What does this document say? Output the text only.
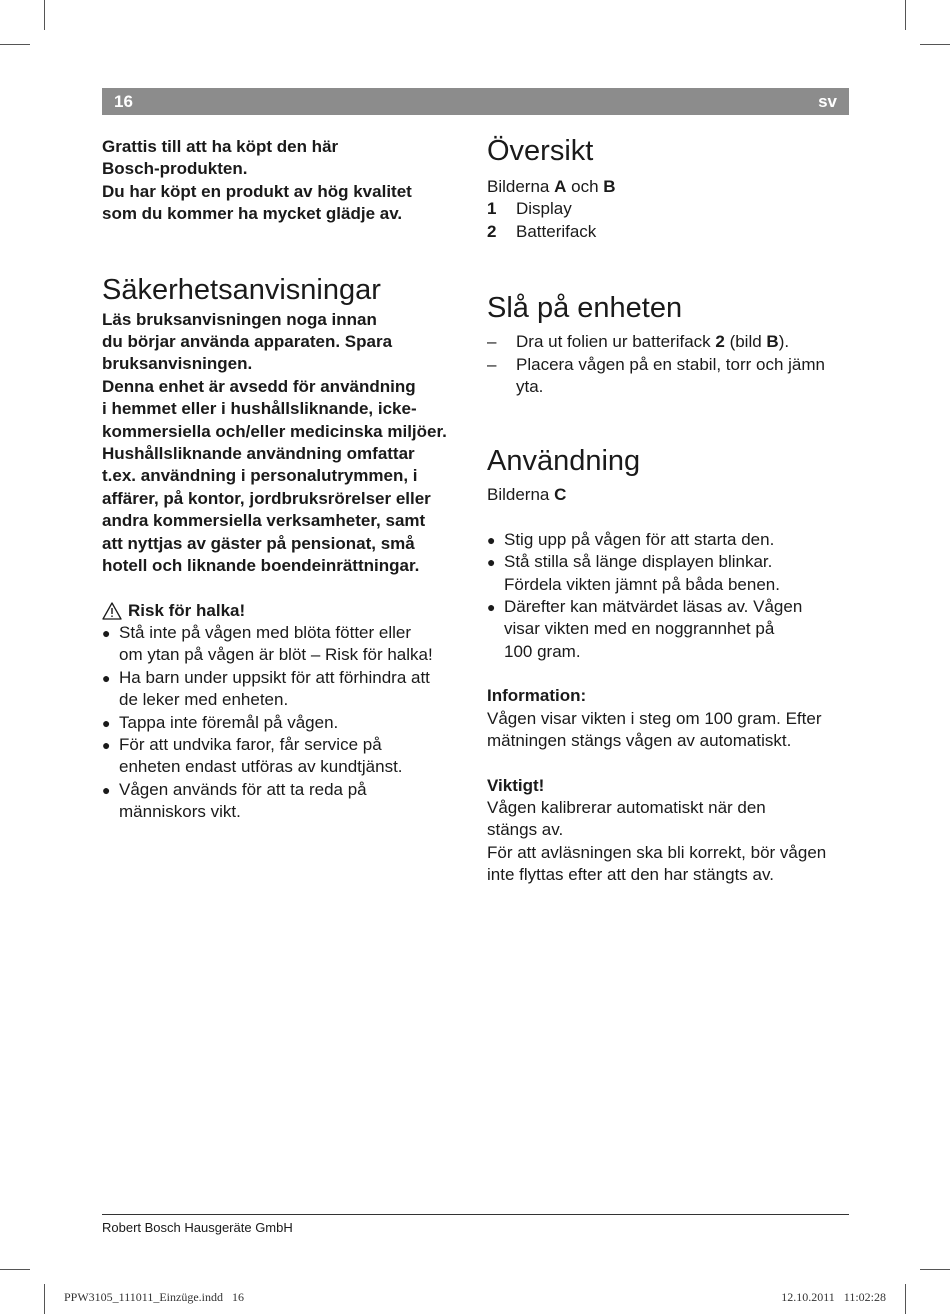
16	sv

Grattis till att ha köpt den här
Bosch-produkten.
Du har köpt en produkt av hög kvalitet
som du kommer ha mycket glädje av.

Säkerhetsanvisningar

Läs bruksanvisningen noga innan
du börjar använda apparaten. Spara
bruksanvisningen.
Denna enhet är avsedd för användning
i hemmet eller i hushållsliknande, icke-
kommersiella och/eller medicinska miljöer.
Hushållsliknande användning omfattar
t.ex. användning i personalutrymmen, i
affärer, på kontor, jordbruksrörelser eller
andra kommersiella verksamheter, samt
att nyttjas av gäster på pensionat, små
hotell och liknande boendeinrättningar.

Risk för halka!
● Stå inte på vågen med blöta fötter eller
om ytan på vågen är blöt – Risk för halka!
● Ha barn under uppsikt för att förhindra att
de leker med enheten.
● Tappa inte föremål på vågen.
● För att undvika faror, får service på
enheten endast utföras av kundtjänst.
● Vågen används för att ta reda på
människors vikt.
Översikt

Bilderna A och B

1 Display
2 Batterifack
Slå på enheten
– Dra ut folien ur batterifack 2 (bild B).
– Placera vågen på en stabil, torr och jämn
yta.
Användning

Bilderna C

● Stig upp på vågen för att starta den.
● Stå stilla så länge displayen blinkar.
Fördela vikten jämnt på båda benen.
● Därefter kan mätvärdet läsas av. Vågen
visar vikten med en noggrannhet på
100 gram.

Information:

Vågen visar vikten i steg om 100 gram. Efter
mätningen stängs vågen av automatiskt.

Viktigt!

Vågen kalibrerar automatiskt när den
stängs av.
För att avläsningen ska bli korrekt, bör vågen
inte flyttas efter att den har stängts av.

Robert Bosch Hausgeräte GmbH
PPW3105_111011_Einzüge.indd   16	12.10.2011   11:02:28
